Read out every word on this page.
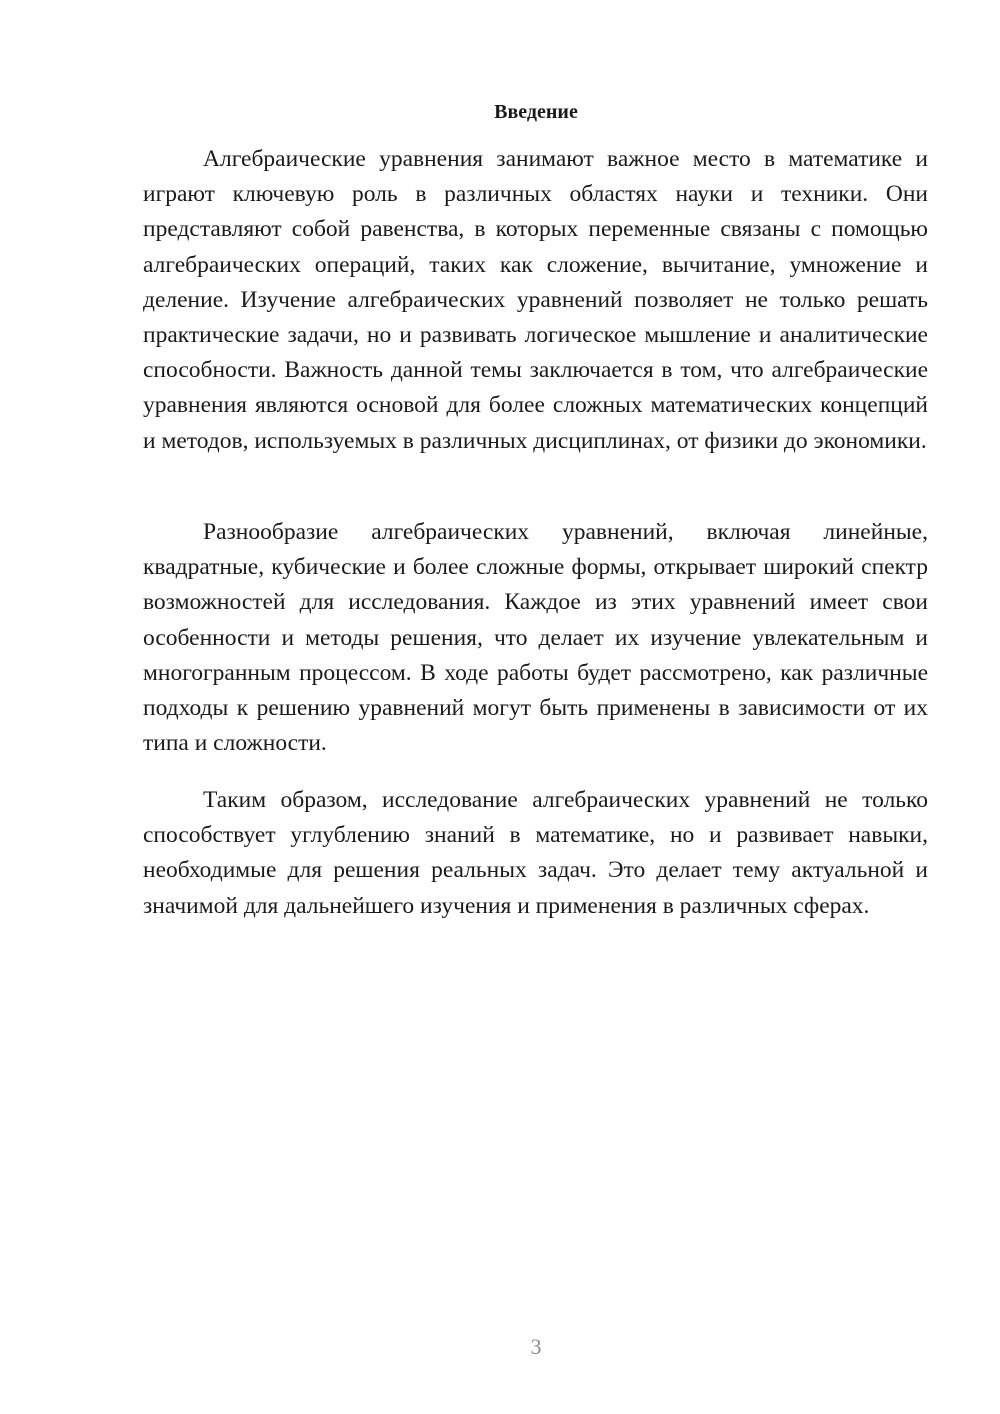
Введение

Алгебраические уравнения занимают важное место в математике и играют ключевую роль в различных областях науки и техники. Они представляют собой равенства, в которых переменные связаны с помощью алгебраических операций, таких как сложение, вычитание, умножение и деление. Изучение алгебраических уравнений позволяет не только решать практические задачи, но и развивать логическое мышление и аналитические способности. Важность данной темы заключается в том, что алгебраические уравнения являются основой для более сложных математических концепций и методов, используемых в различных дисциплинах, от физики до экономики.

Разнообразие алгебраических уравнений, включая линейные, квадратные, кубические и более сложные формы, открывает широкий спектр возможностей для исследования. Каждое из этих уравнений имеет свои особенности и методы решения, что делает их изучение увлекательным и многогранным процессом. В ходе работы будет рассмотрено, как различные подходы к решению уравнений могут быть применены в зависимости от их типа и сложности.

Таким образом, исследование алгебраических уравнений не только способствует углублению знаний в математике, но и развивает навыки, необходимые для решения реальных задач. Это делает тему актуальной и значимой для дальнейшего изучения и применения в различных сферах.

3
